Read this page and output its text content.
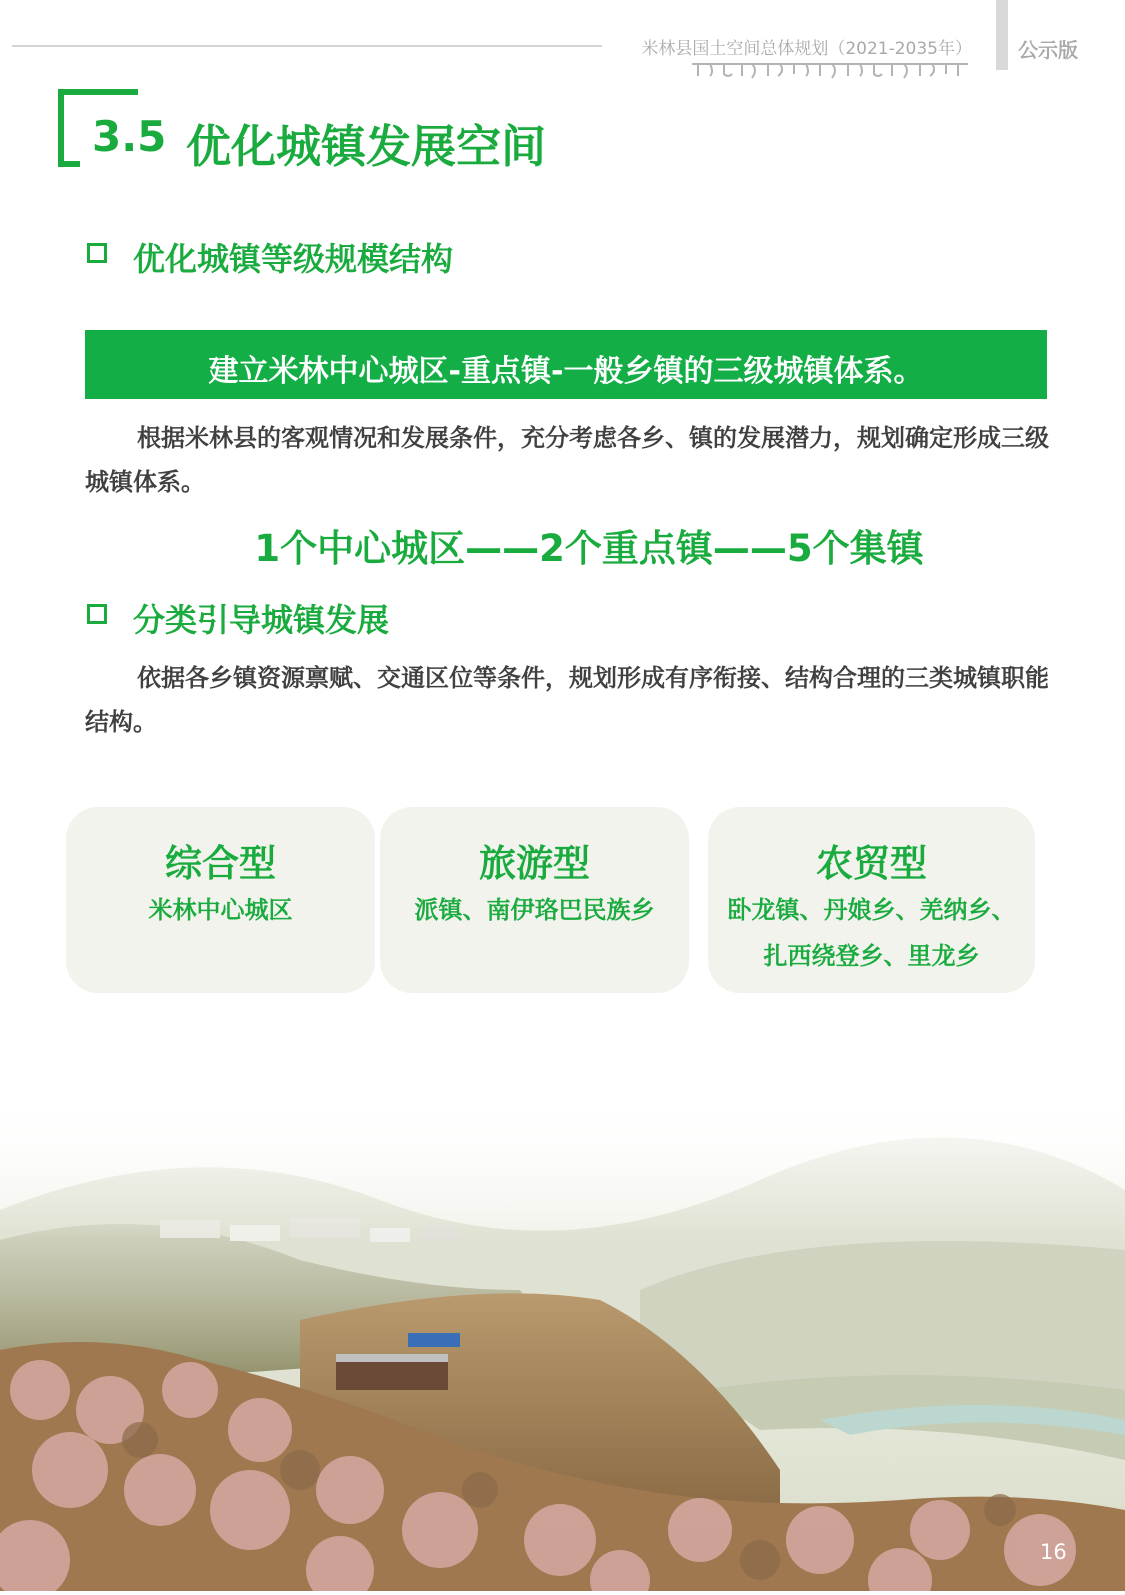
米林县国土空间总体规划（2021-2035年） 公示版
3.5 优化城镇发展空间
优化城镇等级规模结构
建立米林中心城区-重点镇-一般乡镇的三级城镇体系。
根据米林县的客观情况和发展条件，充分考虑各乡、镇的发展潜力，规划确定形成三级城镇体系。
1个中心城区——2个重点镇——5个集镇
分类引导城镇发展
依据各乡镇资源禀赋、交通区位等条件，规划形成有序衔接、结构合理的三类城镇职能结构。
综合型
米林中心城区
旅游型
派镇、南伊珞巴民族乡
农贸型
卧龙镇、丹娘乡、羌纳乡、
扎西绕登乡、里龙乡
16
